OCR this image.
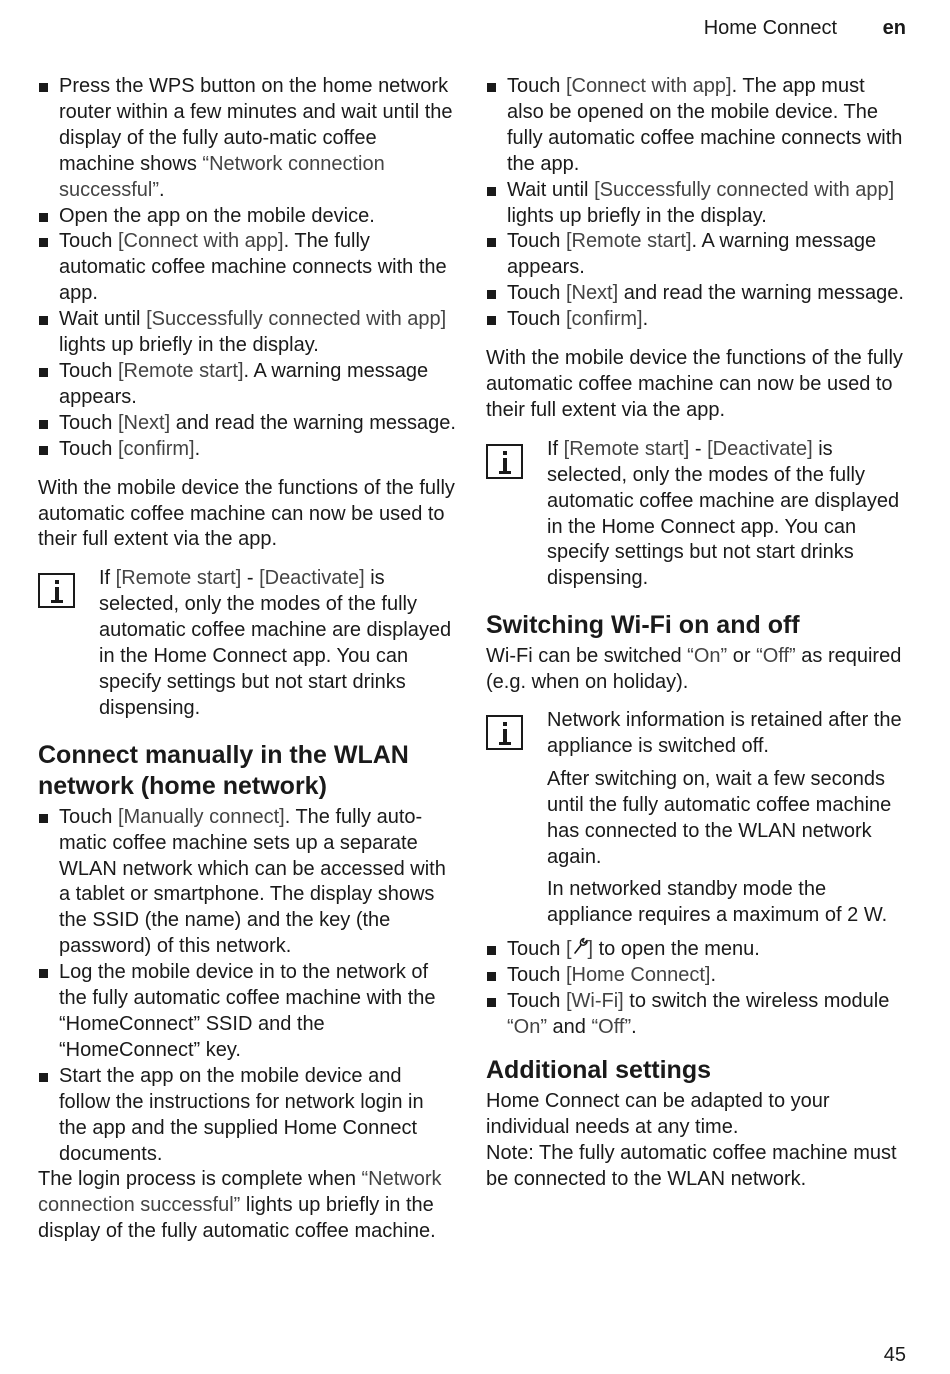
Home Connect en
Press the WPS button on the home network router within a few minutes and wait until the display of the fully auto-matic coffee machine shows “Network connection successful”.
Open the app on the mobile device.
Touch [Connect with app]. The fully automatic coffee machine connects with the app.
Wait until [Successfully connected with app] lights up briefly in the display.
Touch [Remote start]. A warning message appears.
Touch [Next] and read the warning message.
Touch [confirm].

With the mobile device the functions of the fully automatic coffee machine can now be used to their full extent via the app.

If [Remote start] - [Deactivate] is selected, only the modes of the fully automatic coffee machine are displayed in the Home Connect app. You can specify settings but not start drinks dispensing.

Connect manually in the WLAN network (home network)
Touch [Manually connect]. The fully auto-matic coffee machine sets up a separate WLAN network which can be accessed with a tablet or smartphone. The display shows the SSID (the name) and the key (the password) of this network.
Log the mobile device in to the network of the fully automatic coffee machine with the “HomeConnect” SSID and the “HomeConnect” key.
Start the app on the mobile device and follow the instructions for network login in the app and the supplied Home Connect documents.

The login process is complete when “Network connection successful” lights up briefly in the display of the fully automatic coffee machine.

Touch [Connect with app]. The app must also be opened on the mobile device. The fully automatic coffee machine connects with the app.
Wait until [Successfully connected with app] lights up briefly in the display.
Touch [Remote start]. A warning message appears.
Touch [Next] and read the warning message.
Touch [confirm].

With the mobile device the functions of the fully automatic coffee machine can now be used to their full extent via the app.

If [Remote start] - [Deactivate] is selected, only the modes of the fully automatic coffee machine are displayed in the Home Connect app. You can specify settings but not start drinks dispensing.

Switching Wi-Fi on and off

Wi-Fi can be switched “On” or “Off” as required (e.g. when on holiday).

Network information is retained after the appliance is switched off.

After switching on, wait a few seconds until the fully automatic coffee machine has connected to the WLAN network again.

In networked standby mode the appliance requires a maximum of 2 W.

Touch [ ] to open the menu.
Touch [Home Connect].
Touch [Wi-Fi] to switch the wireless module “On” and “Off”.
Additional settings

Home Connect can be adapted to your individual needs at any time.

Note: The fully automatic coffee machine must be connected to the WLAN network.

45
